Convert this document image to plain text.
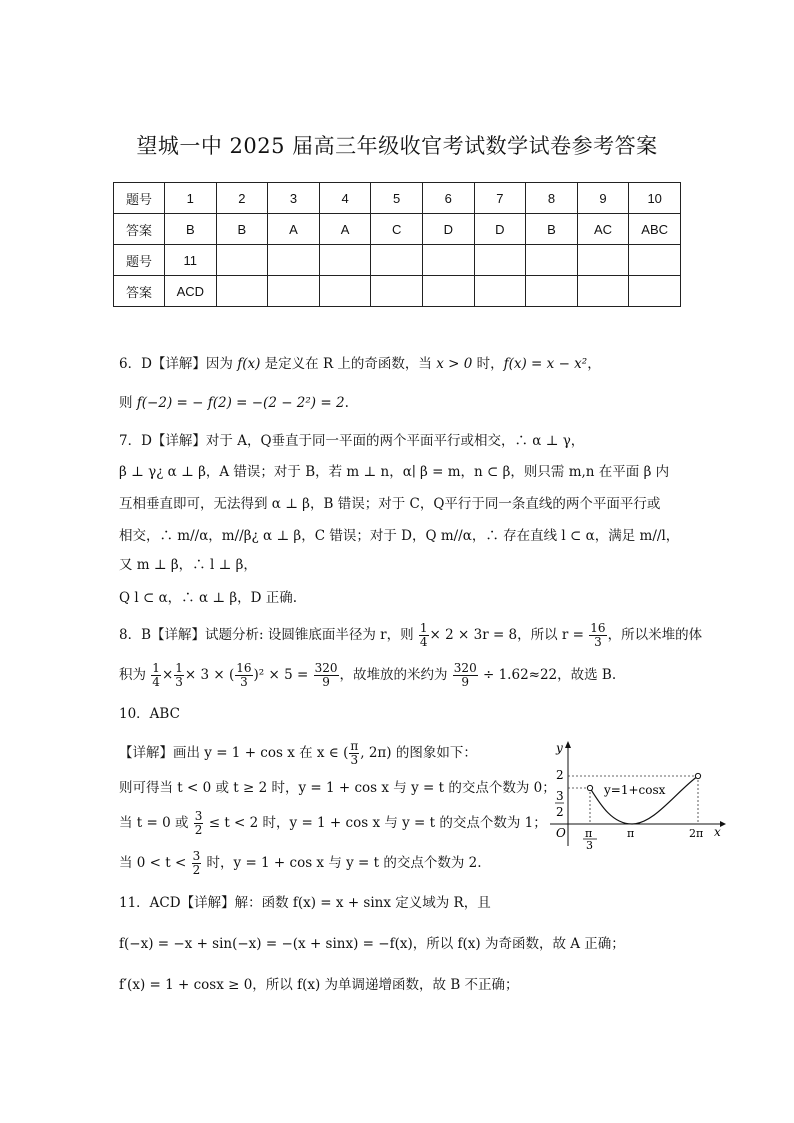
望城一中 2025 届高三年级收官考试数学试卷参考答案
题号	1	2	3	4	5	6	7	8	9	10
答案	B	B	A	A	C	D	D	B	AC	ABC
题号	11									
答案	ACD									
6．D【详解】因为 f(x) 是定义在 R 上的奇函数，当 x > 0 时，f(x) = x − x²，
则 f(−2) = − f(2) = −(2 − 2²) = 2.
7．D【详解】对于 A，Q垂直于同一平面的两个平面平行或相交，∴ α ⊥ γ，
β ⊥ γ¿ α ⊥ β，A 错误；对于 B，若 m ⊥ n，α∣ β = m，n ⊂ β，则只需 m,n 在平面 β 内
互相垂直即可，无法得到 α ⊥ β，B 错误；对于 C，Q平行于同一条直线的两个平面平行或
相交，∴ m//α，m//β¿ α ⊥ β，C 错误；对于 D，Q m//α，∴ 存在直线 l ⊂ α，满足 m//l，
又 m ⊥ β，∴ l ⊥ β，
Q l ⊂ α，∴ α ⊥ β，D 正确.
8．B【详解】试题分析: 设圆锥底面半径为 r，则 $\frac{1}{4} \times 2 \times 3r = 8$，所以 $r = \frac{16}{3}$ ，所以米堆的体
积为 $\frac{1}{4} \times \frac{1}{3} \times 3$ × ( $\frac{16}{3} )^2 \times 5 = \frac{320}{9}$ ，故堆放的米约为 $\frac{320}{9} \div 1.62\approx 22$，故选 B.
10．ABC
【详解】画出 y = 1 + cos x 在 x ∈ ( $\frac{\pi}{3}$ , 2π) 的图象如下：
则可得当 t < 0 或 t ≥ 2 时，y = 1 + cos x 与 y = t 的交点个数为 0；
当 t = 0 或 $\frac{3}{2} \le t < 2$ 时，y = 1 + cos x 与 y = t 的交点个数为 1；
当 $0 < t < \frac{3}{2}$ 时，y = 1 + cos x 与 y = t 的交点个数为 2.
y
x
O
2
3
2
y=1+cosx
π
3
π	2π
11．ACD【详解】解：函数 f(x) = x + sinx 定义域为 R，且
f(−x) = −x + sin(−x) = −(x + sinx) = −f(x)，所以 f(x) 为奇函数，故 A 正确；
f′(x) = 1 + cosx ≥ 0，所以 f(x) 为单调递增函数，故 B 不正确；
